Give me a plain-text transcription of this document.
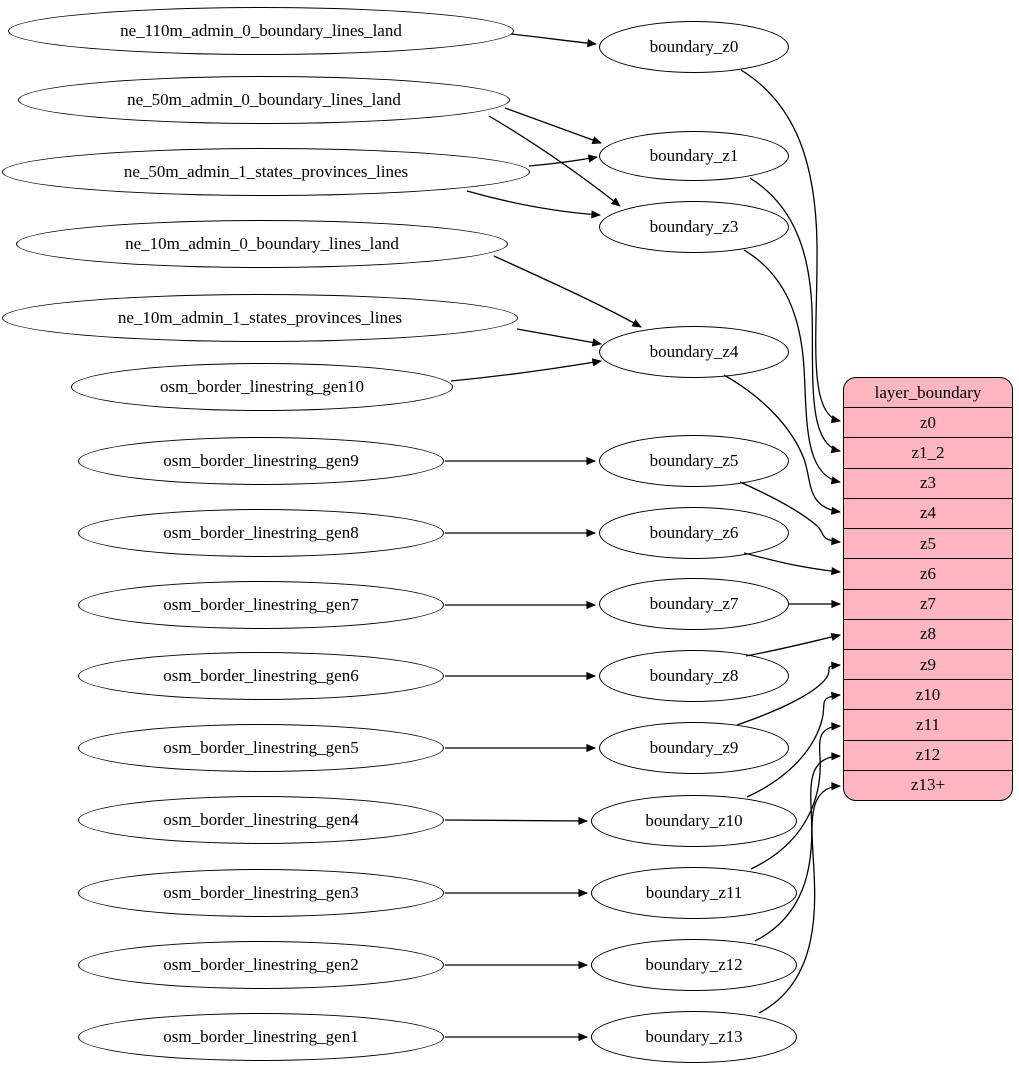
ne_110m_admin_0_boundary_lines_land
ne_50m_admin_0_boundary_lines_land
ne_50m_admin_1_states_provinces_lines
ne_10m_admin_0_boundary_lines_land
ne_10m_admin_1_states_provinces_lines
osm_border_linestring_gen10
osm_border_linestring_gen9
osm_border_linestring_gen8
osm_border_linestring_gen7
osm_border_linestring_gen6
osm_border_linestring_gen5
osm_border_linestring_gen4
osm_border_linestring_gen3
osm_border_linestring_gen2
osm_border_linestring_gen1
boundary_z0
boundary_z1
boundary_z3
boundary_z4
boundary_z5
boundary_z6
boundary_z7
boundary_z8
boundary_z9
boundary_z10
boundary_z11
boundary_z12
boundary_z13
layer_boundary
z0
z1_2
z3
z4
z5
z6
z7
z8
z9
z10
z11
z12
z13+
